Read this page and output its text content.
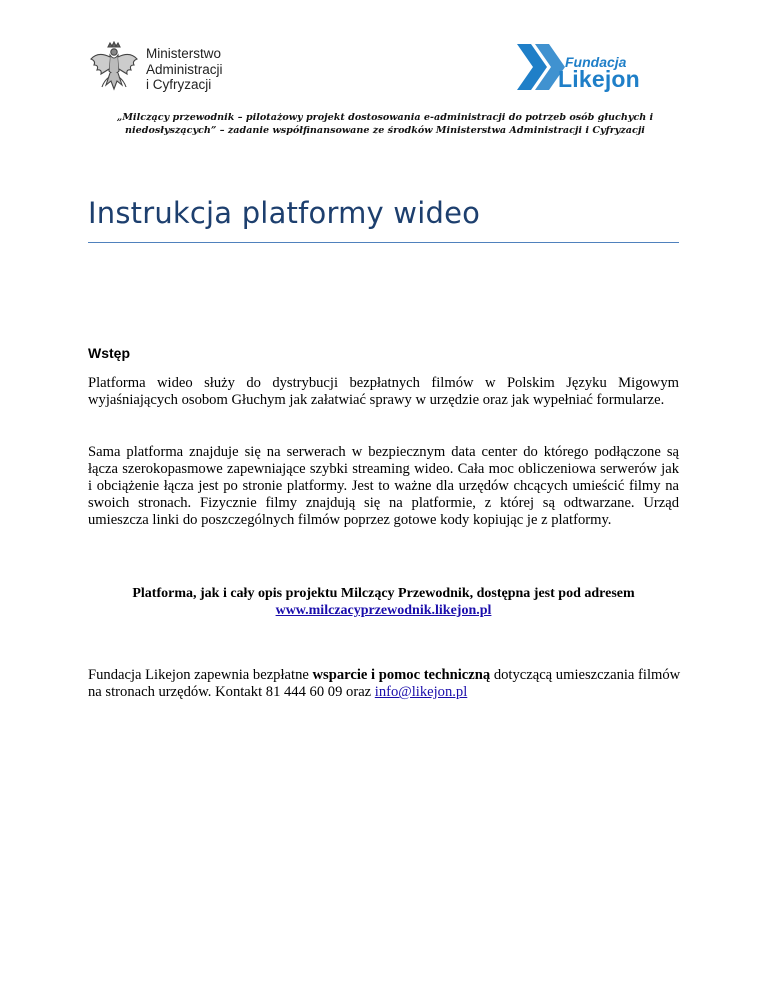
Ministerstwo
Administracji
i Cyfryzacji
Fundacja
Likejon
„Milczący przewodnik – pilotażowy projekt dostosowania e-administracji do potrzeb osób głuchych i niedosłyszących” – zadanie współfinansowane ze środków Ministerstwa Administracji i Cyfryzacji
Instrukcja platformy wideo
Wstęp

Platforma wideo służy do dystrybucji bezpłatnych filmów w Polskim Języku Migowym wyjaśniających osobom Głuchym jak załatwiać sprawy w urzędzie oraz jak wypełniać formularze.

Sama platforma znajduje się na serwerach w bezpiecznym data center do którego podłączone są łącza szerokopasmowe zapewniające szybki streaming wideo. Cała moc obliczeniowa serwerów jak i obciążenie łącza jest po stronie platformy. Jest to ważne dla urzędów chcących umieścić filmy na swoich stronach. Fizycznie filmy znajdują się na platformie, z której są odtwarzane. Urząd umieszcza linki do poszczególnych filmów poprzez gotowe kody kopiując je z platformy.

Platforma, jak i cały opis projektu Milczący Przewodnik, dostępna jest pod adresem
www.milczacyprzewodnik.likejon.pl
Fundacja Likejon zapewnia bezpłatne wsparcie i pomoc techniczną dotyczącą umieszczania filmów na stronach urzędów. Kontakt 81 444 60 09 oraz info@likejon.pl
